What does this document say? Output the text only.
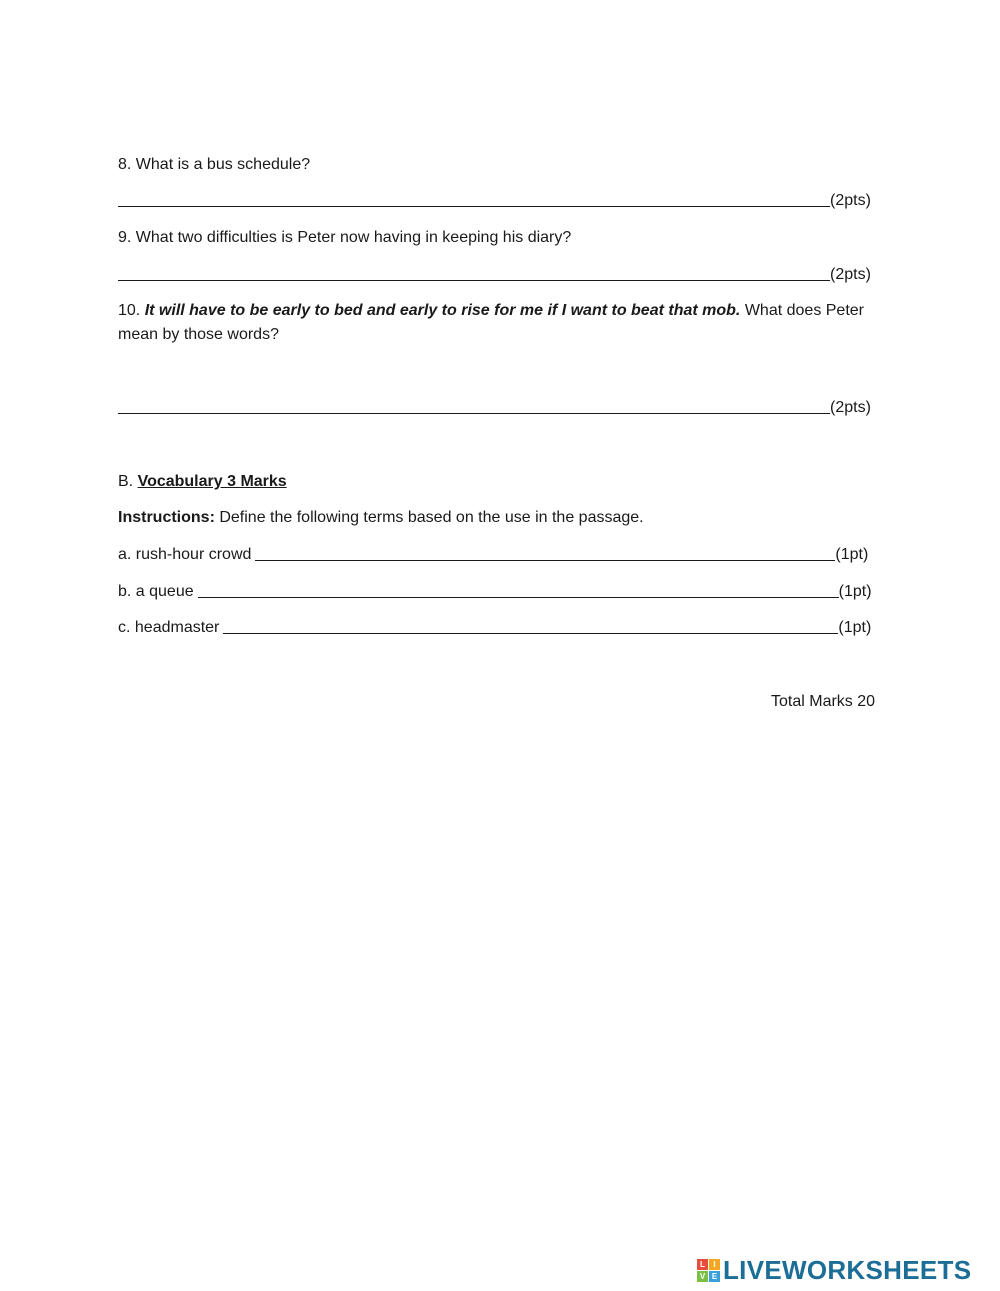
8. What is a bus schedule?
(2pts)
9. What two difficulties is Peter now having in keeping his diary?
(2pts)
10. It will have to be early to bed and early to rise for me if I want to beat that mob. What does Peter
mean by those words?
(2pts)
B. Vocabulary 3 Marks
Instructions: Define the following terms based on the use in the passage.
a. rush-hour crowd	(1pt)
b. a queue	(1pt)
c. headmaster	(1pt)
Total Marks 20
L	I
V E LIVEWORKSHEETS
